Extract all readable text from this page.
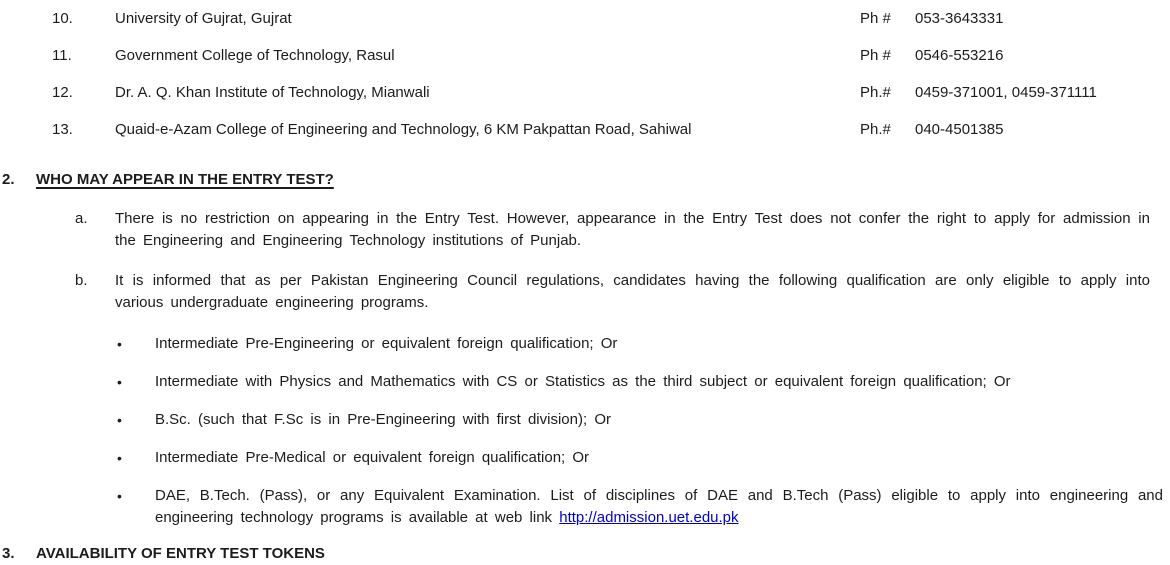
10.	University of Gujrat, Gujrat	Ph #	053-3643331
11.	Government College of Technology, Rasul	Ph #	0546-553216
12.	Dr. A. Q. Khan Institute of Technology, Mianwali	Ph.#	0459-371001, 0459-371111
13.	Quaid-e-Azam College of Engineering and Technology, 6 KM Pakpattan Road, Sahiwal	Ph.#	040-4501385
2.	WHO MAY APPEAR IN THE ENTRY TEST?
a.	There is no restriction on appearing in the Entry Test. However, appearance in the Entry Test does not confer the right to apply for admission in the Engineering and Engineering Technology institutions of Punjab.
b.	It is informed that as per Pakistan Engineering Council regulations, candidates having the following qualification are only eligible to apply into various undergraduate engineering programs.
•	Intermediate Pre-Engineering or equivalent foreign qualification; Or
•	Intermediate with Physics and Mathematics with CS or Statistics as the third subject or equivalent foreign qualification; Or
•	B.Sc. (such that F.Sc is in Pre-Engineering with first division); Or
•	Intermediate Pre-Medical or equivalent foreign qualification; Or
•	DAE, B.Tech. (Pass), or any Equivalent Examination. List of disciplines of DAE and B.Tech (Pass) eligible to apply into engineering and engineering technology programs is available at web link http://admission.uet.edu.pk
3.	AVAILABILITY OF ENTRY TEST TOKENS
